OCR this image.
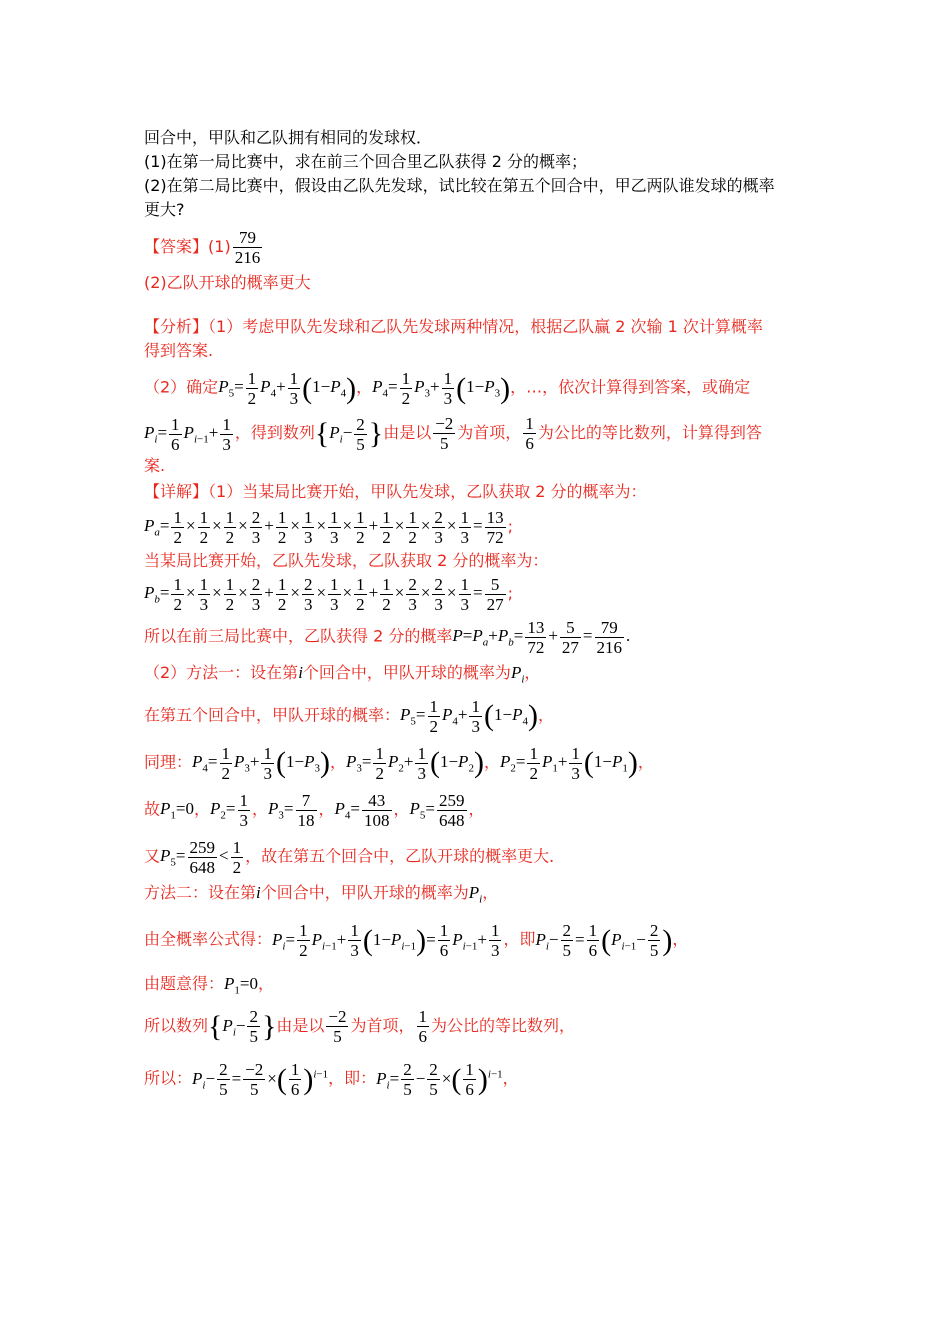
回合中，甲队和乙队拥有相同的发球权．
(1)在第一局比赛中，求在前三个回合里乙队获得 2 分的概率；
(2)在第二局比赛中，假设由乙队先发球，试比较在第五个回合中，甲乙两队谁发球的概率
更大?
【答案】$(1) \frac{79}{216}$
(2)乙队开球的概率更大
【分析】（1）考虑甲队先发球和乙队先发球两种情况，根据乙队赢 2 次输 1 次计算概率
得到答案.
（2）确定$P_5= \frac{1}{2} P_4+ \frac{1}{3} (1-P_4)$，$P_4= \frac{1}{2} P_3+ \frac{1}{3} (1-P_3)$，…，依次计算得到答案，或确定
$P_i= \frac{1}{6} P_{i-1}+ \frac{1}{3}$ ，得到数列{$P_i- \frac{2}{5}$ }由是以 $\frac{-2}{5}$ 为首项， $\frac{1}{6}$ 为公比的等比数列，计算得到答
案.
【详解】（1）当某局比赛开始，甲队先发球，乙队获取 2 分的概率为：
$P_a= \frac{1}{2} \times \frac{1}{2} \times \frac{1}{2} \times \frac{2}{3} + \frac{1}{2} \times \frac{1}{3} \times \frac{1}{3} \times \frac{1}{2} + \frac{1}{2} \times \frac{1}{2} \times \frac{2}{3} \times \frac{1}{3} = \frac{13}{72}$ ;
当某局比赛开始，乙队先发球，乙队获取 2 分的概率为：
$P_b= \frac{1}{2} \times \frac{1}{3} \times \frac{1}{2} \times \frac{2}{3} + \frac{1}{2} \times \frac{2}{3} \times \frac{1}{3} \times \frac{1}{2} + \frac{1}{2} \times \frac{2}{3} \times \frac{2}{3} \times \frac{1}{3} = \frac{5}{27}$ ;
所以在前三局比赛中，乙队获得 2 分的概率$P=P_a+P_b= \frac{13}{72} + \frac{5}{27} = \frac{79}{216}$ .
（2）方法一：设在第i个回合中，甲队开球的概率为$P_i$，
在第五个回合中，甲队开球的概率：$P_5= \frac{1}{2} P_4+ \frac{1}{3} (1-P_4)$，
同理：$P_4= \frac{1}{2} P_3+ \frac{1}{3} (1-P_3)$，$P_3= \frac{1}{2} P_2+ \frac{1}{3} (1-P_2)$，$P_2= \frac{1}{2} P_1+ \frac{1}{3} (1-P_1)$，
故$P_1=0$，$P_2= \frac{1}{3}$ ，$P_3= \frac{7}{18}$ ，$P_4= \frac{43}{108}$ ，$P_5= \frac{259}{648}$ ，
又$P_5= \frac{259}{648} < \frac{1}{2}$ ，故在第五个回合中，乙队开球的概率更大．
方法二：设在第i个回合中，甲队开球的概率为$P_i$，
由全概率公式得：$P_i= \frac{1}{2} P_{i-1}+ \frac{1}{3} (1-P_{i-1})= \frac{1}{6} P_{i-1}+ \frac{1}{3}$ ，即$P_i- \frac{2}{5} = \frac{1}{6} (P_{i-1}- \frac{2}{5}$ )，
由题意得：$P_1=0$，
所以数列{$P_i- \frac{2}{5}$ }由是以 $\frac{-2}{5}$ 为首项， $\frac{1}{6}$ 为公比的等比数列，
所以：$P_i- \frac{2}{5} = \frac{-2}{5}$ ×( $\frac{1}{6} )^{i-1}$，即：$P_i= \frac{2}{5} - \frac{2}{5}$ ×( $\frac{1}{6} )^{i-1}$，
